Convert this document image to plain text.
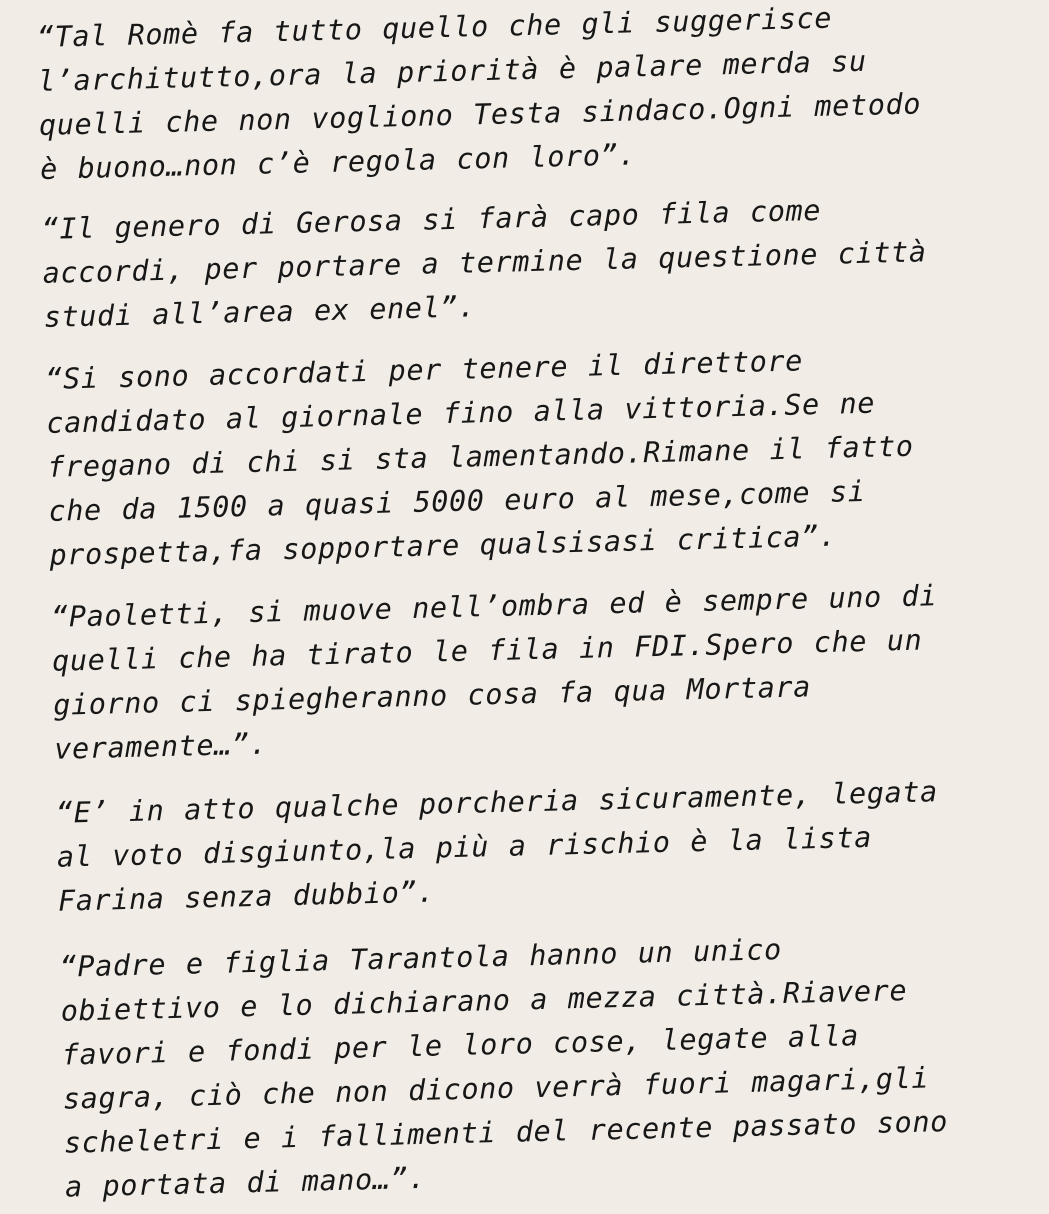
“Tal Romè fa tutto quello che gli suggerisce
l’architutto,ora la priorità è palare merda su
quelli che non vogliono Testa sindaco.Ogni metodo
è buono…non c’è regola con loro”.

“Il genero di Gerosa si farà capo fila come
accordi, per portare a termine la questione città
studi all’area ex enel”.

“Si sono accordati per tenere il direttore
candidato al giornale fino alla vittoria.Se ne
fregano di chi si sta lamentando.Rimane il fatto
che da 1500 a quasi 5000 euro al mese,come si
prospetta,fa sopportare qualsisasi critica”.

“Paoletti, si muove nell’ombra ed è sempre uno di
quelli che ha tirato le fila in FDI.Spero che un
giorno ci spiegheranno cosa fa qua Mortara
veramente…”.

“E’ in atto qualche porcheria sicuramente, legata
al voto disgiunto,la più a rischio è la lista
Farina senza dubbio”.

“Padre e figlia Tarantola hanno un unico
obiettivo e lo dichiarano a mezza città.Riavere
favori e fondi per le loro cose, legate alla
sagra, ciò che non dicono verrà fuori magari,gli
scheletri e i fallimenti del recente passato sono
a portata di mano…”.
